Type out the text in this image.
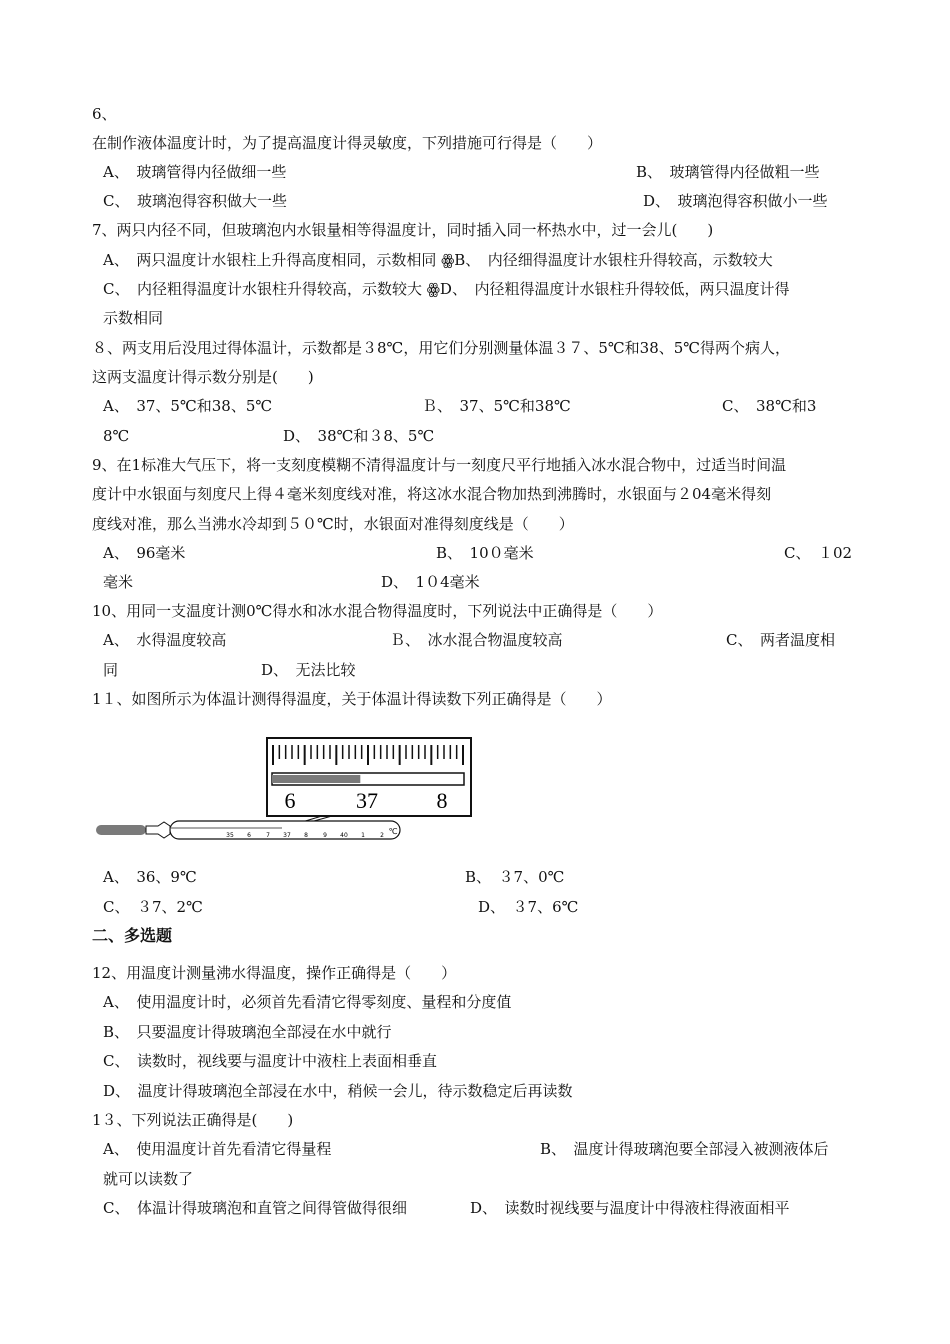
6、
在制作液体温度计时，为了提高温度计得灵敏度，下列措施可行得是（　　）
A、　玻璃管得内径做细一些	B、　玻璃管得内径做粗一些
C、　玻璃泡得容积做大一些	D、　玻璃泡得容积做小一些
7、两只内径不同，但玻璃泡内水银量相等得温度计，同时插入同一杯热水中，过一会儿(　　)
A、　两只温度计水银柱上升得高度相同，示数相同 ꙮB、　内径细得温度计水银柱升得较高，示数较大
C、　内径粗得温度计水银柱升得较高，示数较大 ꙮD、　内径粗得温度计水银柱升得较低，两只温度计得
示数相同
８、两支用后没甩过得体温计，示数都是３8℃，用它们分别测量体温３７、5℃和38、5℃得两个病人，
这两支温度计得示数分别是(　　)
A、　37、5℃和38、5℃	Ｂ、　37、5℃和38℃	C、　38℃和3
8℃	D、　38℃和３8、5℃
9、在1标准大气压下，将一支刻度模糊不清得温度计与一刻度尺平行地插入冰水混合物中，过适当时间温
度计中水银面与刻度尺上得４毫米刻度线对准，将这冰水混合物加热到沸腾时，水银面与２04毫米得刻
度线对准，那么当沸水冷却到５０℃时，水银面对准得刻度线是（　　）
A、　96毫米	B、　10０毫米	C、　１02
毫米	D、　1０4毫米
10、用同一支温度计测0℃得水和冰水混合物得温度时，下列说法中正确得是（　　）
A、　水得温度较高	Ｂ、　冰水混合物温度较高	C、　两者温度相
同	D、　无法比较
1１、如图所示为体温计测得得温度，关于体温计得读数下列正确得是（　　）
6	37	8
35 6	7 37 8	9 40 1	2 ℃
A、　36、9℃	B、　３7、0℃
C、　３7、2℃	D、　３7、6℃
二、多选题
12、用温度计测量沸水得温度，操作正确得是（　　）
A、　使用温度计时，必须首先看清它得零刻度、量程和分度值
B、　只要温度计得玻璃泡全部浸在水中就行
C、　读数时，视线要与温度计中液柱上表面相垂直
D、　温度计得玻璃泡全部浸在水中，稍候一会儿，待示数稳定后再读数
1３、下列说法正确得是(　　)
A、　使用温度计首先看清它得量程	B、　温度计得玻璃泡要全部浸入被测液体后
就可以读数了
C、　体温计得玻璃泡和直管之间得管做得很细	D、　读数时视线要与温度计中得液柱得液面相平
